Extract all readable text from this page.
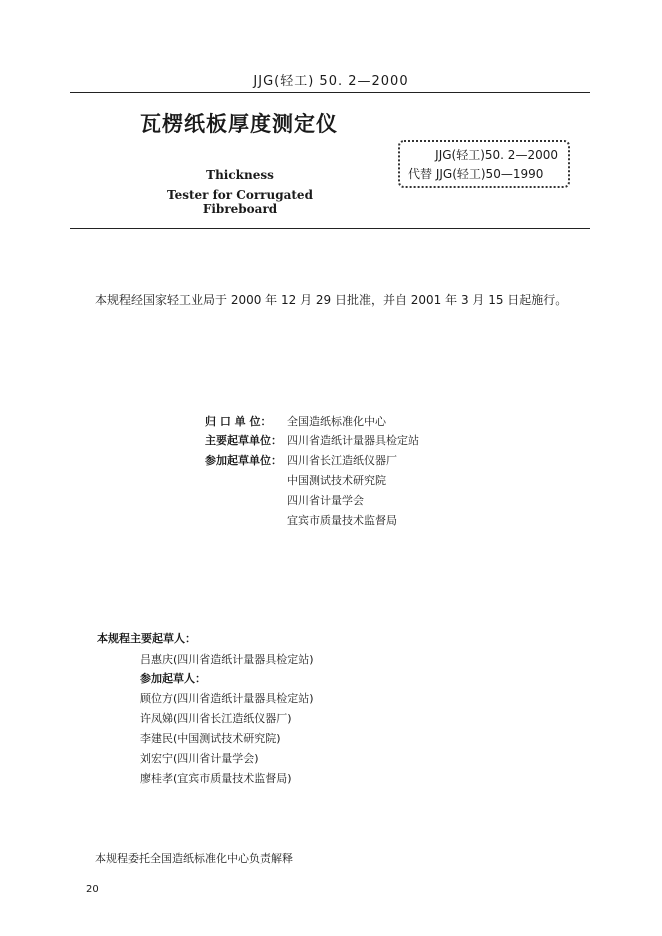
JJG(轻工) 50. 2—2000
瓦楞纸板厚度测定仪
Thickness
Tester for Corrugated Fibreboard
JJG(轻工)50. 2—2000
代替 JJG(轻工)50—1990
本规程经国家轻工业局于 2000 年 12 月 29 日批准，并自 2001 年 3 月 15 日起施行。
归 口 单 位： 全国造纸标准化中心
主要起草单位： 四川省造纸计量器具检定站
参加起草单位： 四川省长江造纸仪器厂
中国测试技术研究院
四川省计量学会
宜宾市质量技术监督局
本规程主要起草人：
吕惠庆(四川省造纸计量器具检定站)
参加起草人：
顾位方(四川省造纸计量器具检定站)
许凤娣(四川省长江造纸仪器厂)
李建民(中国测试技术研究院)
刘宏宁(四川省计量学会)
廖桂孝(宜宾市质量技术监督局)
本规程委托全国造纸标准化中心负责解释
20
